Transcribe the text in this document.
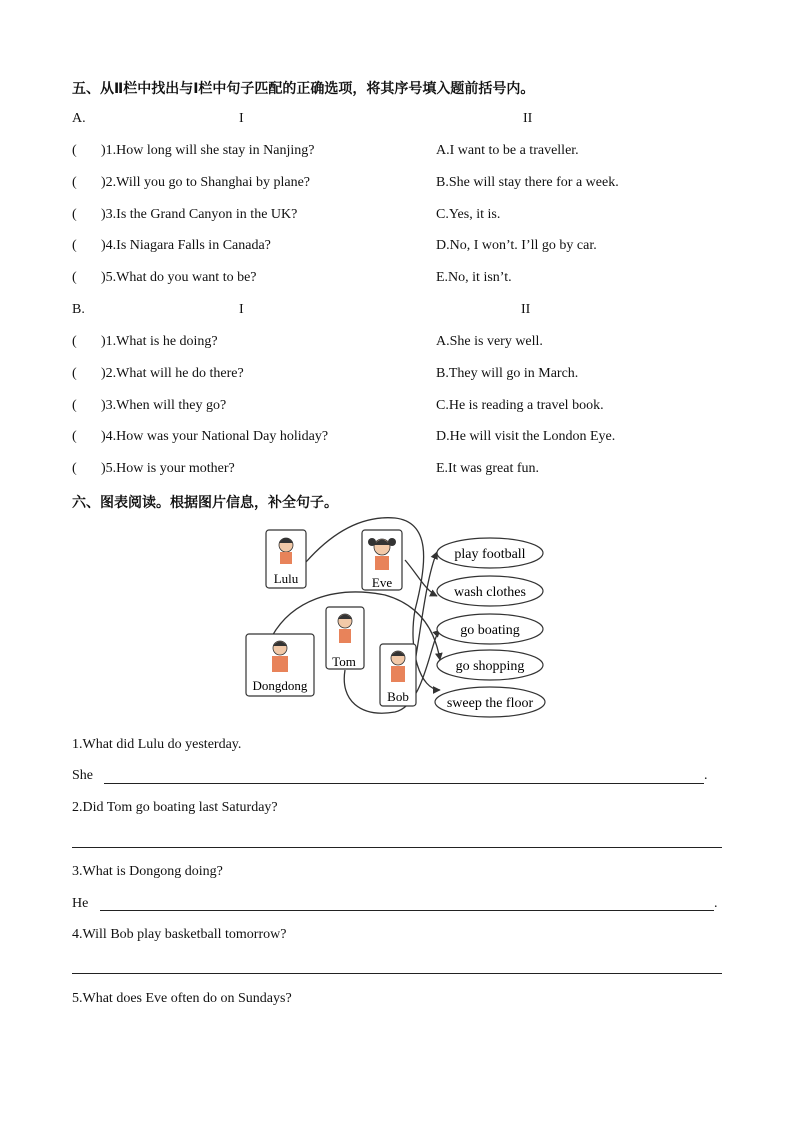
五、从Ⅱ栏中找出与Ⅰ栏中句子匹配的正确选项，将其序号填入题前括号内。
A.	I	II
( )1.How long will she stay in Nanjing?	A.I want to be a traveller.
( )2.Will you go to Shanghai by plane?	B.She will stay there for a week.
( )3.Is the Grand Canyon in the UK?	C.Yes, it is.
( )4.Is Niagara Falls in Canada?	D.No, I won’t. I’ll go by car.
( )5.What do you want to be?	E.No, it isn’t.
B.	I	II
( )1.What is he doing?	A.She is very well.
( )2.What will he do there?	B.They will go in March.
( )3.When will they go?	C.He is reading a travel book.
( )4.How was your National Day holiday?	D.He will visit the London Eye.
( )5.How is your mother?	E.It was great fun.
六、图表阅读。根据图片信息，补全句子。
Lulu	Eve
Tom
Dongdong
Bob
play football
wash clothes
go boating
go shopping
sweep the floor
1.What did Lulu do yesterday.
She	.
2.Did Tom go boating last Saturday?
3.What is Dongong doing?
He	.
4.Will Bob play basketball tomorrow?
5.What does Eve often do on Sundays?
